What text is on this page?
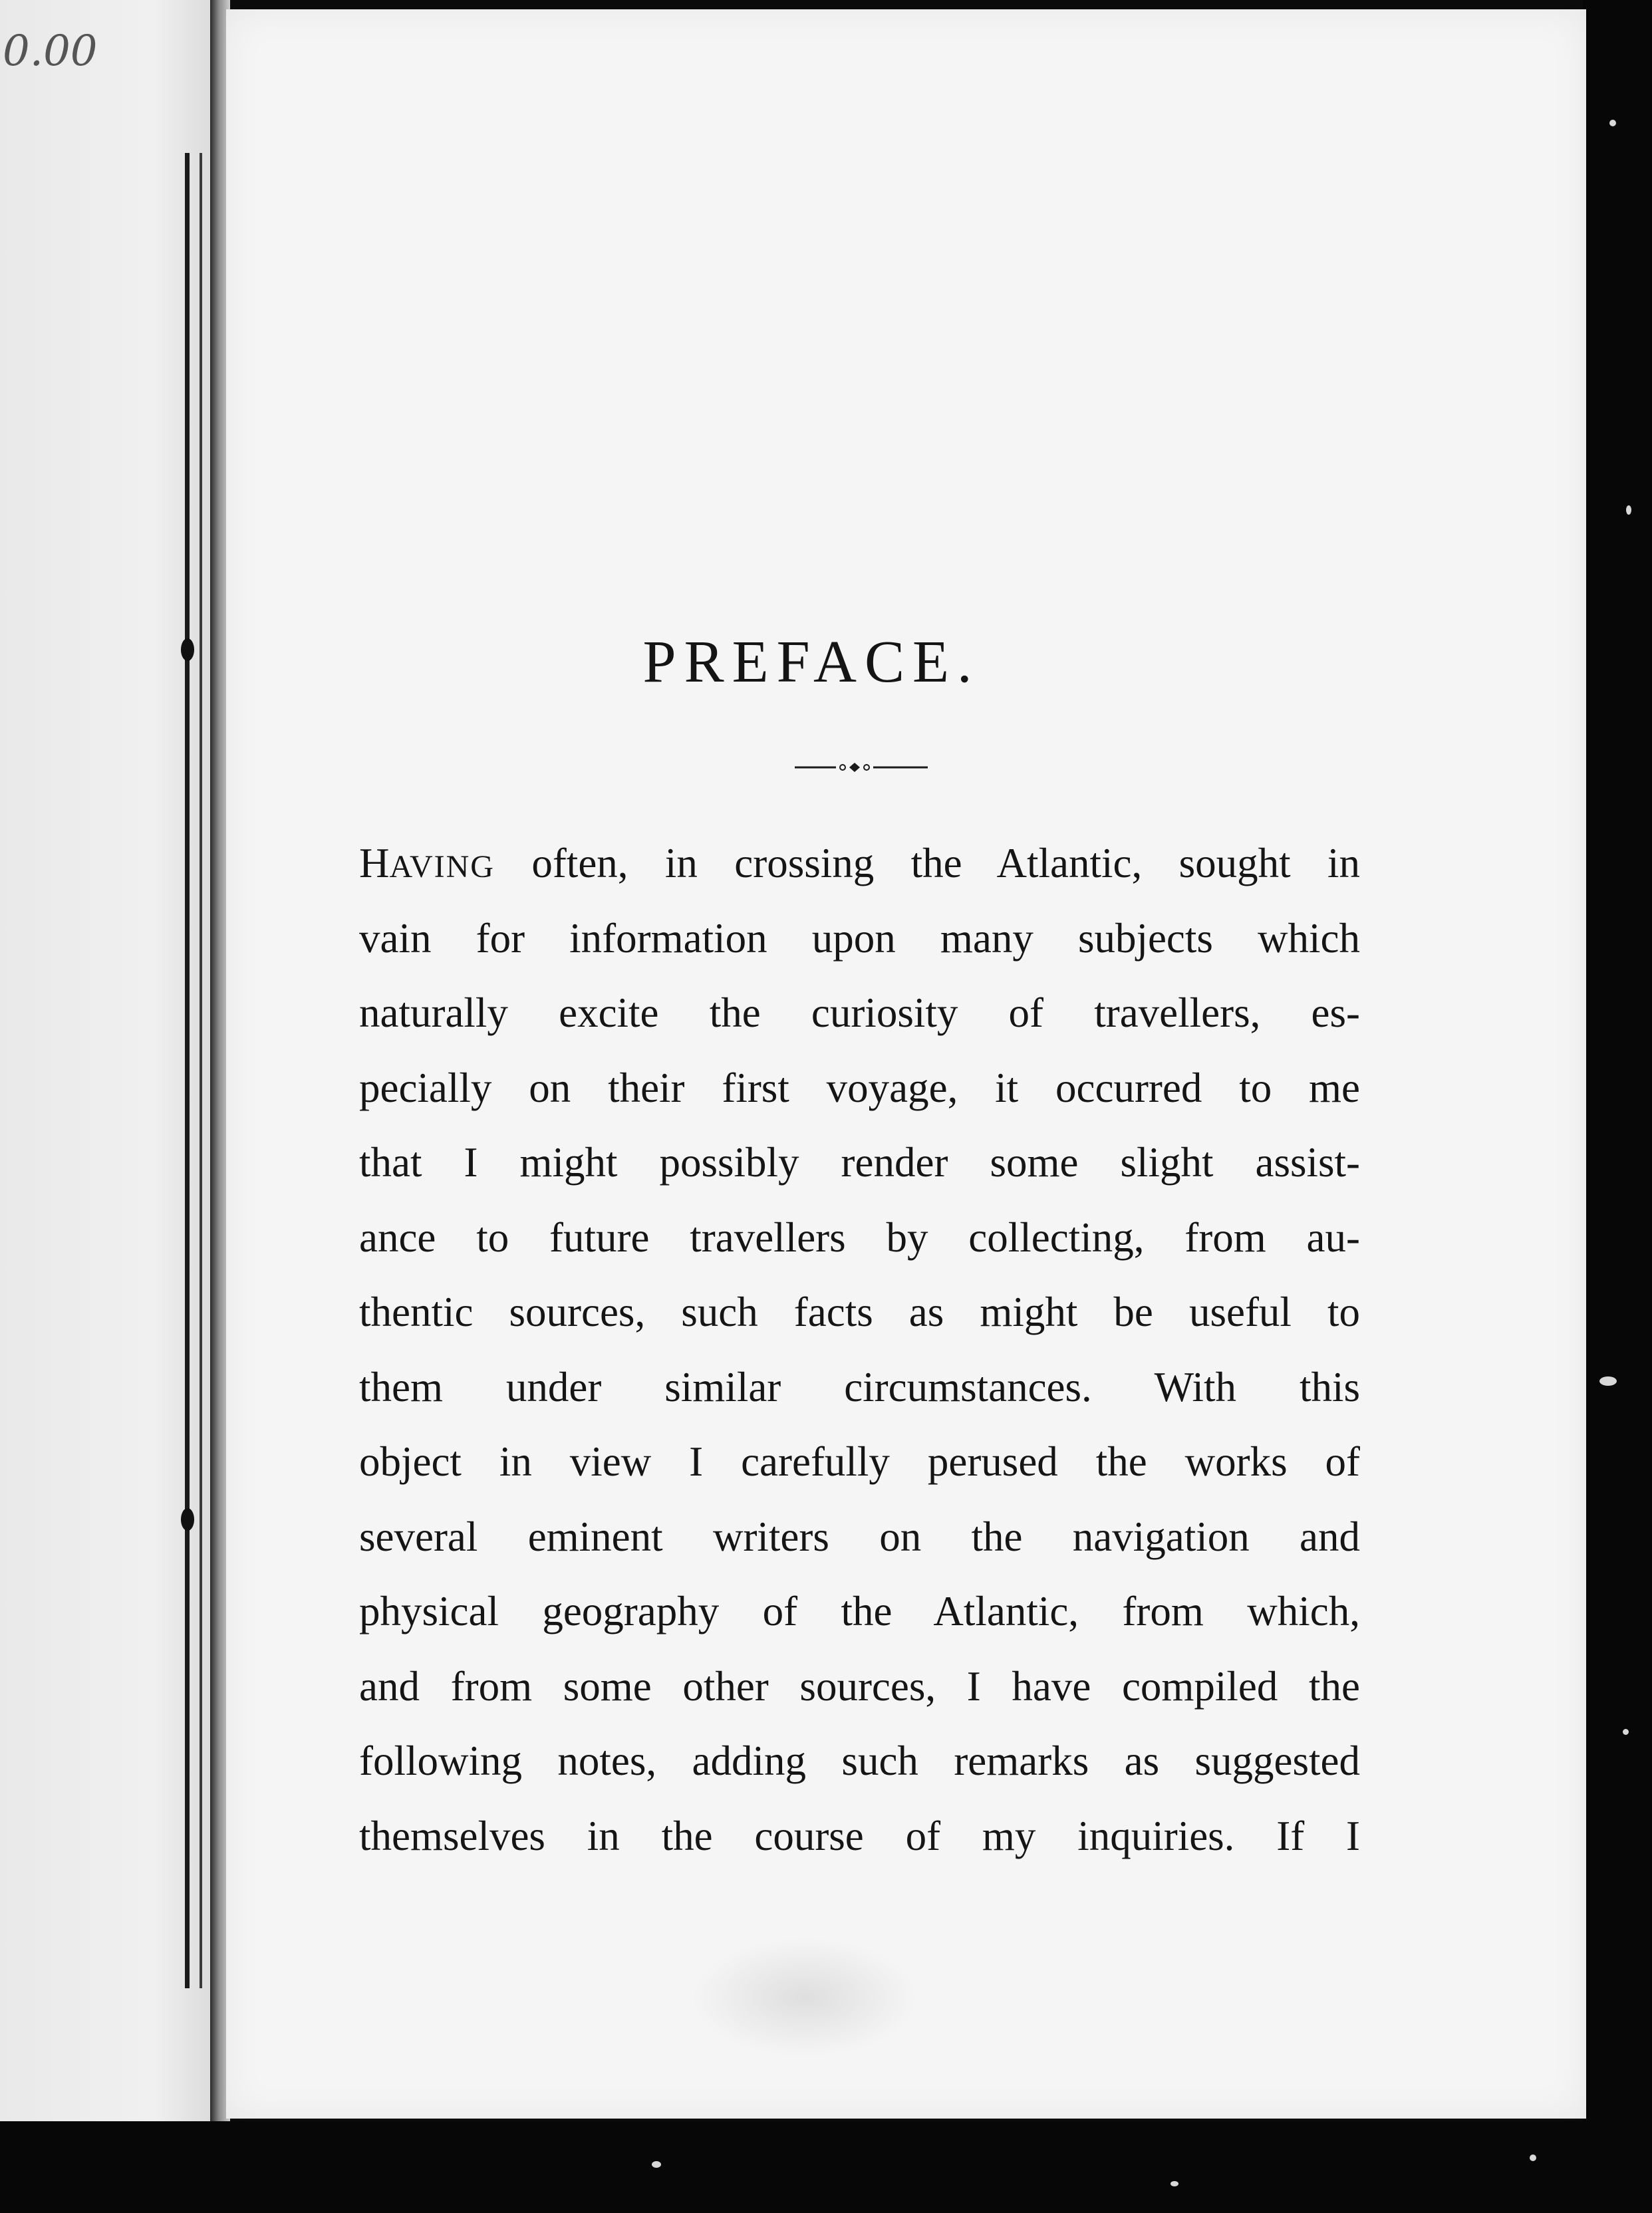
0.00
PREFACE.
HAVING often, in crossing the Atlantic, sought in
vain for information upon many subjects which
naturally excite the curiosity of travellers, es-
pecially on their first voyage, it occurred to me
that I might possibly render some slight assist-
ance to future travellers by collecting, from au-
thentic sources, such facts as might be useful to
them under similar circumstances. With this
object in view I carefully perused the works of
several eminent writers on the navigation and
physical geography of the Atlantic, from which,
and from some other sources, I have compiled the
following notes, adding such remarks as suggested
themselves in the course of my inquiries. If I
